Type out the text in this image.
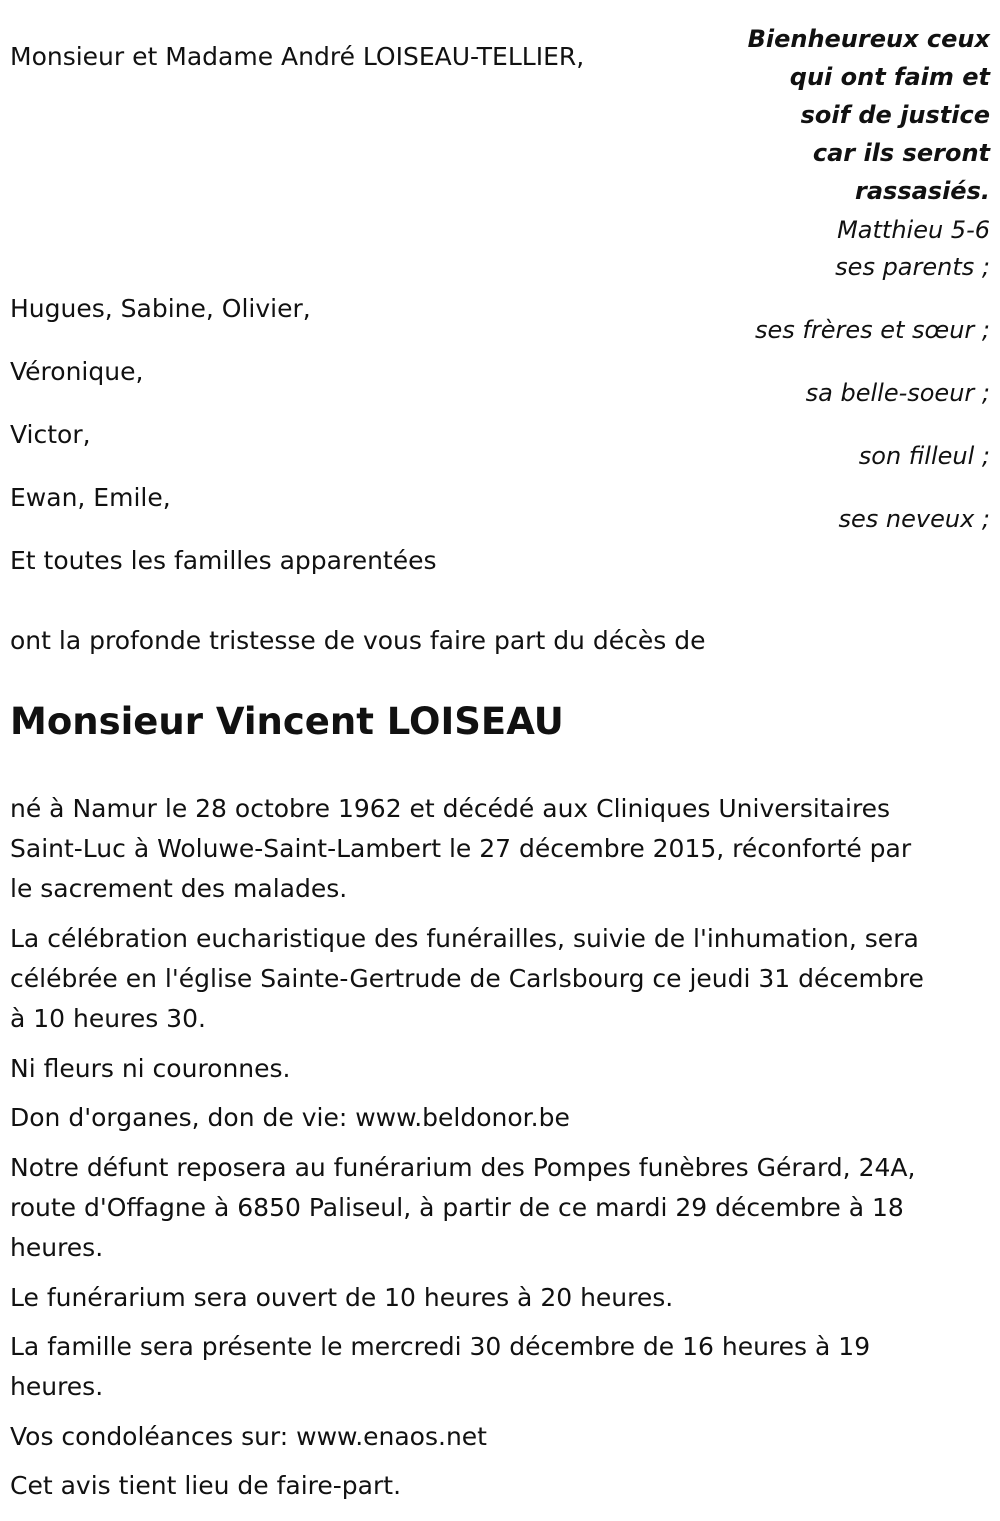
Monsieur et Madame André LOISEAU-TELLIER,
Bienheureux ceux
qui ont faim et
soif de justice
car ils seront
rassasiés.
Matthieu 5-6
ses parents ;
Hugues, Sabine, Olivier,
ses frères et sœur ;
Véronique,
sa belle-soeur ;
Victor,
son filleul ;
Ewan, Emile,
ses neveux ;
Et toutes les familles apparentées
ont la profonde tristesse de vous faire part du décès de
Monsieur Vincent LOISEAU
né à Namur le 28 octobre 1962 et décédé aux Cliniques Universitaires
Saint-Luc à Woluwe-Saint-Lambert le 27 décembre 2015, réconforté par
le sacrement des malades.
La célébration eucharistique des funérailles, suivie de l'inhumation, sera
célébrée en l'église Sainte-Gertrude de Carlsbourg ce jeudi 31 décembre
à 10 heures 30.
Ni fleurs ni couronnes.
Don d'organes, don de vie: www.beldonor.be
Notre défunt reposera au funérarium des Pompes funèbres Gérard, 24A,
route d'Offagne à 6850 Paliseul, à partir de ce mardi 29 décembre à 18
heures.
Le funérarium sera ouvert de 10 heures à 20 heures.
La famille sera présente le mercredi 30 décembre de 16 heures à 19
heures.
Vos condoléances sur: www.enaos.net
Cet avis tient lieu de faire-part.
